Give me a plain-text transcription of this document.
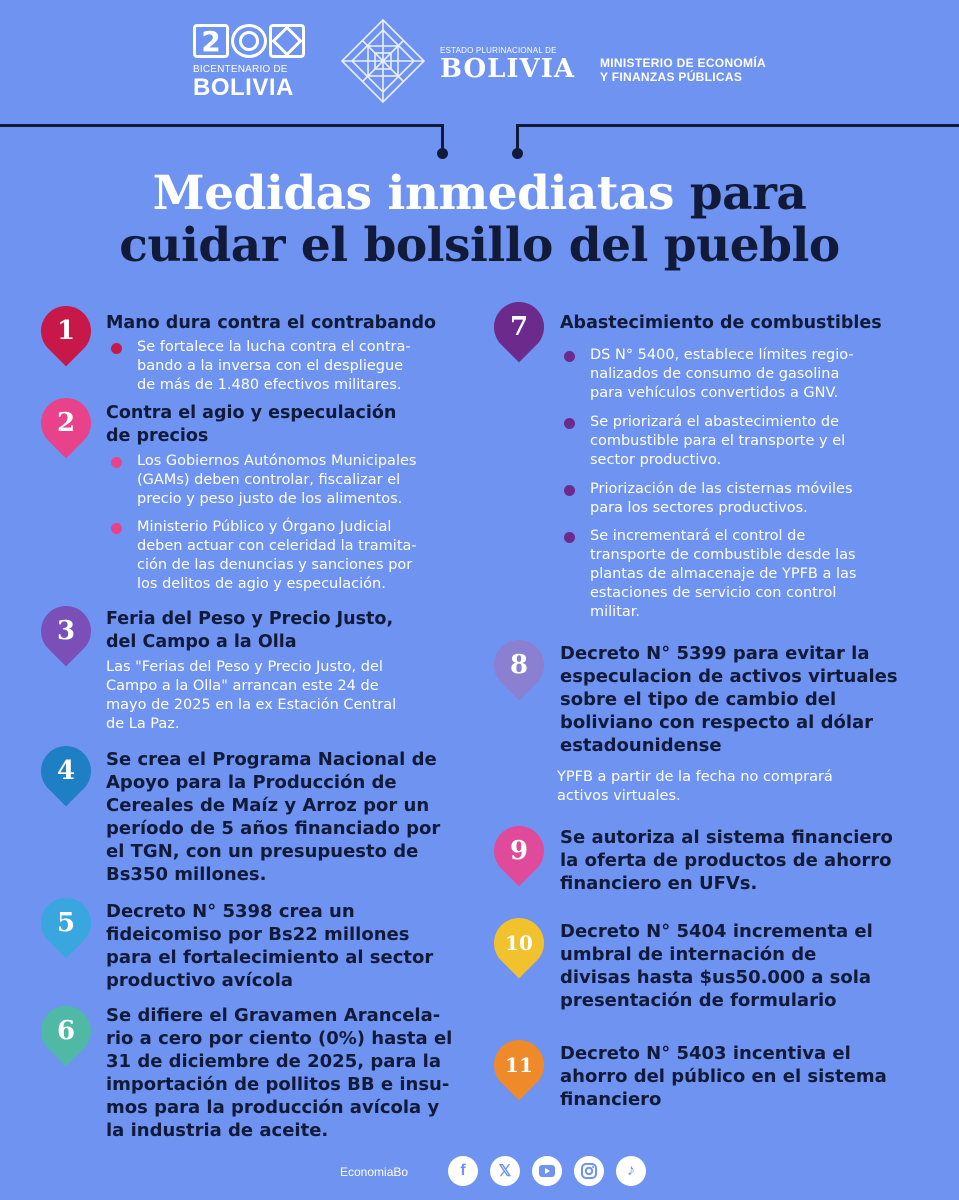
2
BICENTENARIO DE
BOLIVIA
ESTADO PLURINACIONAL DE
BOLIVIA MINISTERIO DE ECONOMÍA
Y FINANZAS PÚBLICAS
Medidas inmediatas para
cuidar el bolsillo del pueblo
1 Mano dura contra el contrabando
Se fortalece la lucha contra el contra-
bando a la inversa con el despliegue
de más de 1.480 efectivos militares.
2 Contra el agio y especulación
de precios
Los Gobiernos Autónomos Municipales
(GAMs) deben controlar, fiscalizar el
precio y peso justo de los alimentos.
Ministerio Público y Órgano Judicial
deben actuar con celeridad la tramita-
ción de las denuncias y sanciones por
los delitos de agio y especulación.
3 Feria del Peso y Precio Justo,
del Campo a la Olla
Las "Ferias del Peso y Precio Justo, del
Campo a la Olla" arrancan este 24 de
mayo de 2025 en la ex Estación Central
de La Paz.
4 Se crea el Programa Nacional de
Apoyo para la Producción de
Cereales de Maíz y Arroz por un
período de 5 años financiado por
el TGN, con un presupuesto de
Bs350 millones.
5 Decreto N° 5398 crea un
fideicomiso por Bs22 millones
para el fortalecimiento al sector
productivo avícola
6
Se difiere el Gravamen Arancela-
rio a cero por ciento (0%) hasta el
31 de diciembre de 2025, para la
importación de pollitos BB e insu-
mos para la producción avícola y
la industria de aceite.
7 Abastecimiento de combustibles
DS N° 5400, establece límites regio-
nalizados de consumo de gasolina
para vehículos convertidos a GNV.
Se priorizará el abastecimiento de
combustible para el transporte y el
sector productivo.
Priorización de las cisternas móviles
para los sectores productivos.
Se incrementará el control de
transporte de combustible desde las
plantas de almacenaje de YPFB a las
estaciones de servicio con control
militar.
8 Decreto N° 5399 para evitar la
especulacion de activos virtuales
sobre el tipo de cambio del
boliviano con respecto al dólar
estadounidense
YPFB a partir de la fecha no comprará
activos virtuales.
9 Se autoriza al sistema financiero
la oferta de productos de ahorro
financiero en UFVs.
10 Decreto N° 5404 incrementa el
umbral de internación de
divisas hasta $us50.000 a sola
presentación de formulario
11 Decreto N° 5403 incentiva el
ahorro del público en el sistema
financiero
EconomiaBo	f	𝕏	♪
